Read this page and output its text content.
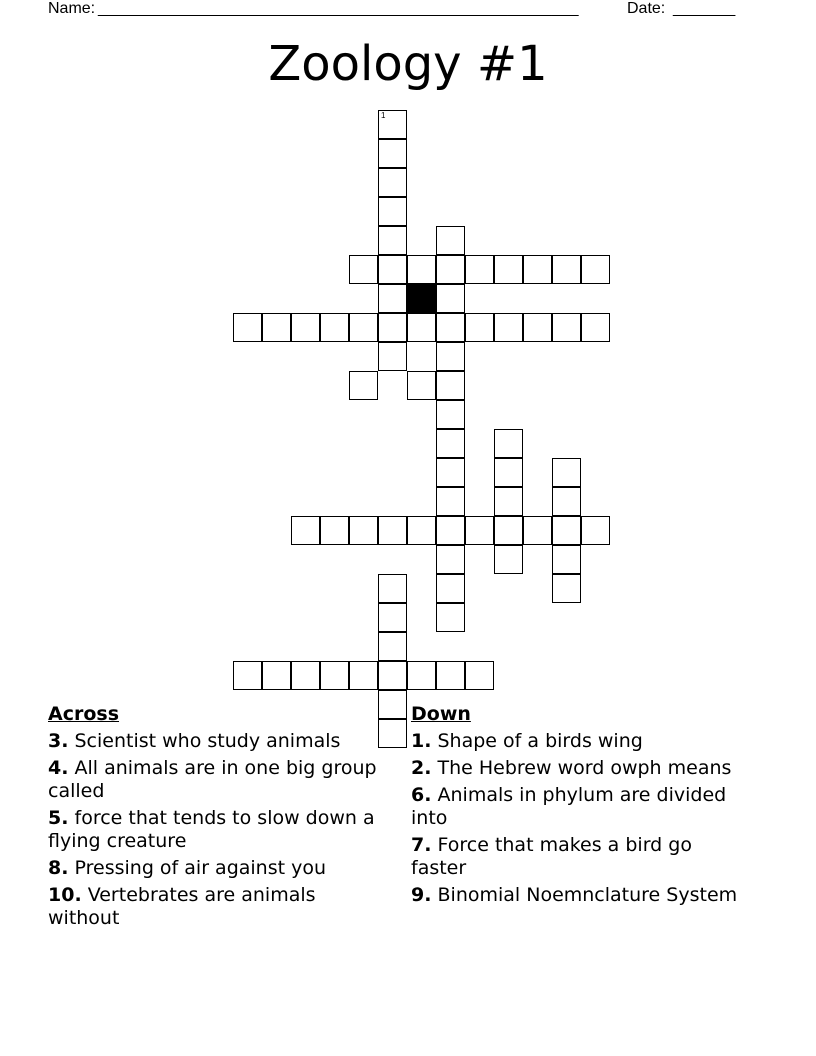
Name: ______________________________________________________	Date: _______
Zoology #1
1
Across
3. Scientist who study animals
4. All animals are in one big group called
5. force that tends to slow down a flying creature
8. Pressing of air against you
10. Vertebrates are animals without
Down
1. Shape of a birds wing
2. The Hebrew word owph means
6. Animals in phylum are divided into
7. Force that makes a bird go faster
9. Binomial Noemnclature System
